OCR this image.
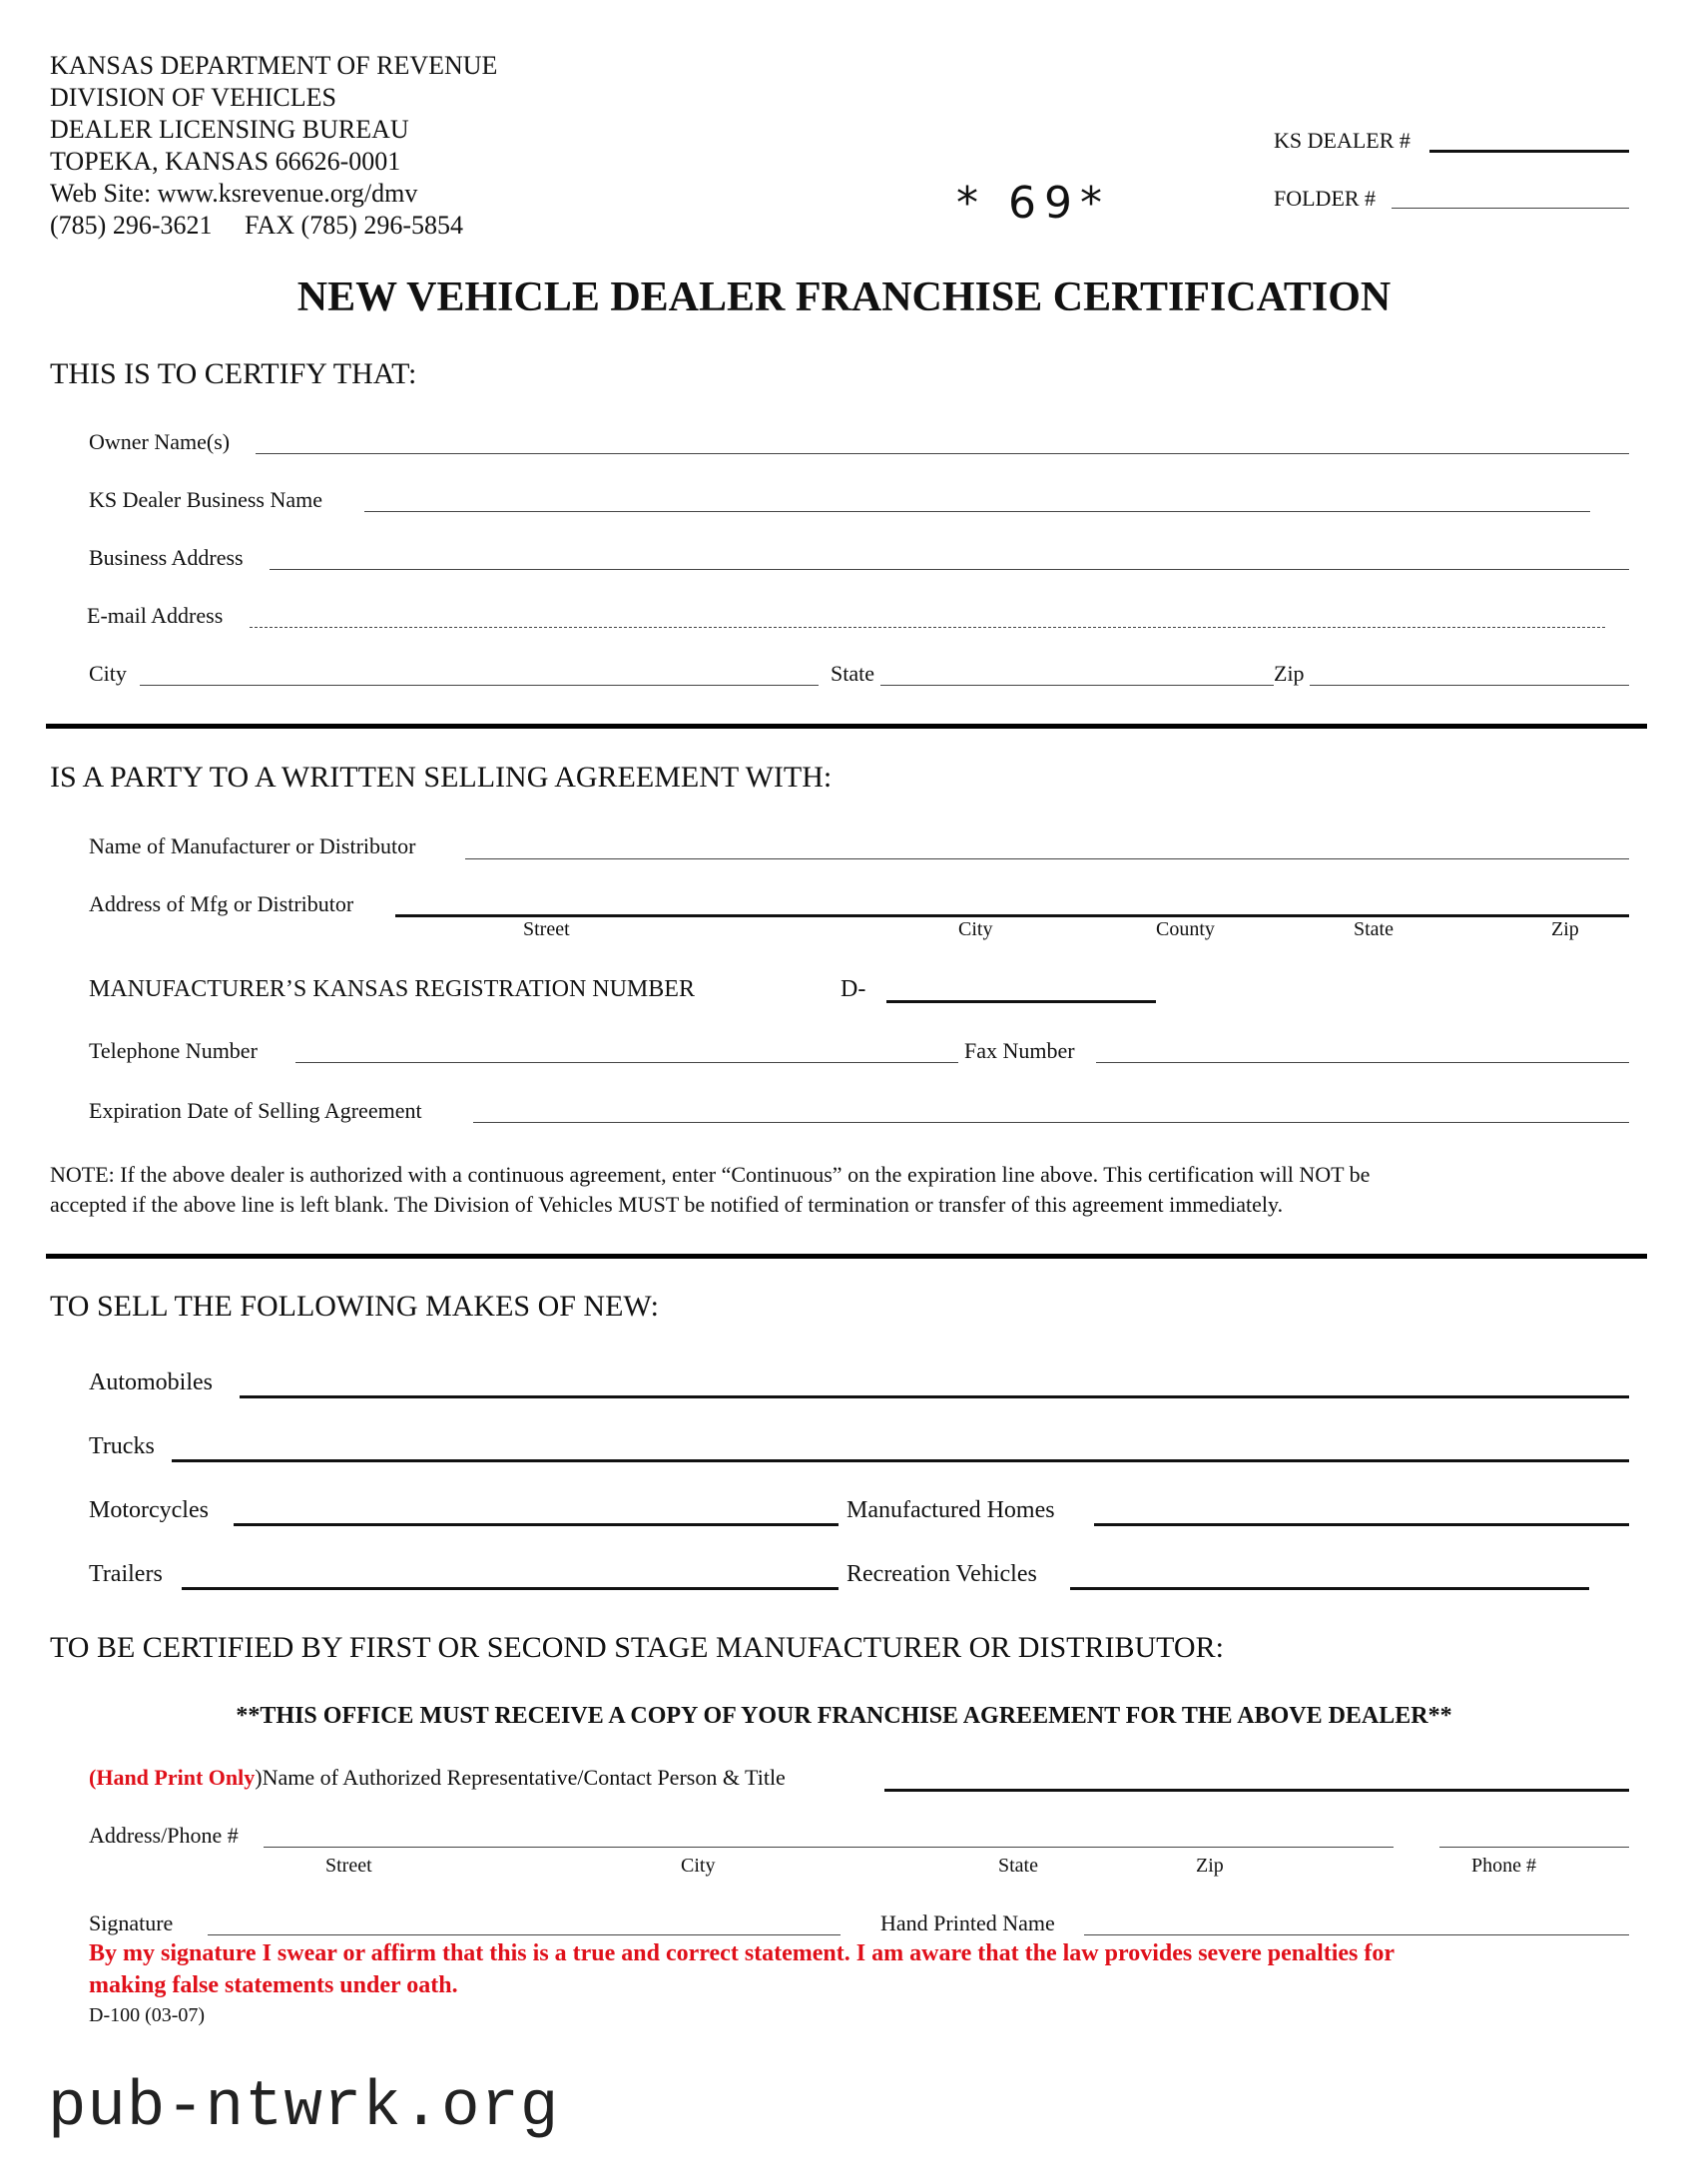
KANSAS DEPARTMENT OF REVENUE
DIVISION OF VEHICLES
DEALER LICENSING BUREAU
TOPEKA, KANSAS 66626-0001
Web Site: www.ksrevenue.org/dmv
(785) 296-3621     FAX (785) 296-5854	* 69*
KS DEALER #
FOLDER #
NEW VEHICLE DEALER FRANCHISE CERTIFICATION
THIS IS TO CERTIFY THAT:
Owner Name(s)
KS Dealer Business Name
Business Address
E-mail Address
City	State	Zip
IS A PARTY TO A WRITTEN SELLING AGREEMENT WITH:
Name of Manufacturer or Distributor
Address of Mfg or Distributor
Street	City	County	State	Zip
MANUFACTURER’S KANSAS REGISTRATION NUMBER	D-
Telephone Number	Fax Number
Expiration Date of Selling Agreement
NOTE: If the above dealer is authorized with a continuous agreement, enter “Continuous” on the expiration line above. This certification will NOT be
accepted if the above line is left blank. The Division of Vehicles MUST be notified of termination or transfer of this agreement immediately.
TO SELL THE FOLLOWING MAKES OF NEW:
Automobiles
Trucks
Motorcycles	Manufactured Homes
Trailers	Recreation Vehicles
TO BE CERTIFIED BY FIRST OR SECOND STAGE MANUFACTURER OR DISTRIBUTOR:
**THIS OFFICE MUST RECEIVE A COPY OF YOUR FRANCHISE AGREEMENT FOR THE ABOVE DEALER**
(Hand Print Only)Name of Authorized Representative/Contact Person & Title
Address/Phone #
Street	City	State	Zip	Phone #
Signature	Hand Printed Name
By my signature I swear or affirm that this is a true and correct statement. I am aware that the law provides severe penalties for
making false statements under oath.
D-100 (03-07)
pub-ntwrk.org
